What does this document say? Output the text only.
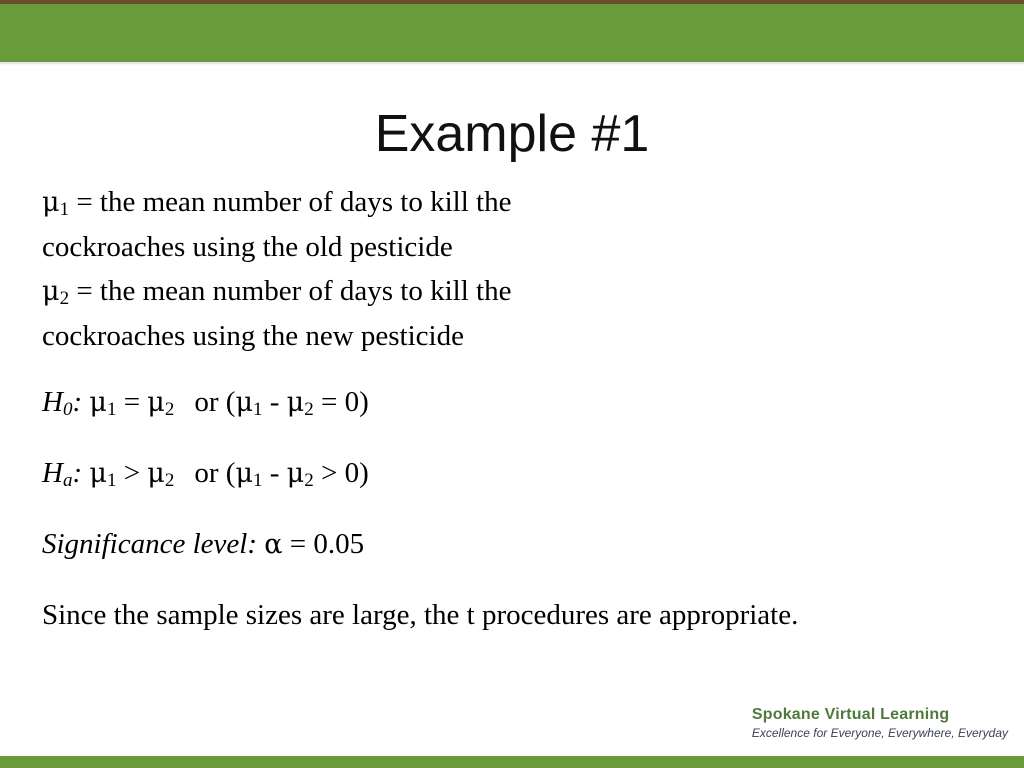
Example #1

$\mu_1$ = the mean number of days to kill the
cockroaches using the old pesticide
$\mu_2$ = the mean number of days to kill the
cockroaches using the new pesticide

$H_0$: $\mu_1 = \mu_2$ or $(\mu_1 - \mu_2 = 0)$

$H_a$: $\mu_1 > \mu_2$ or $(\mu_1 - \mu_2 > 0)$

Significance level: α = 0.05

Since the sample sizes are large, the t procedures are appropriate.

Spokane Virtual Learning
Excellence for Everyone, Everywhere, Everyday
